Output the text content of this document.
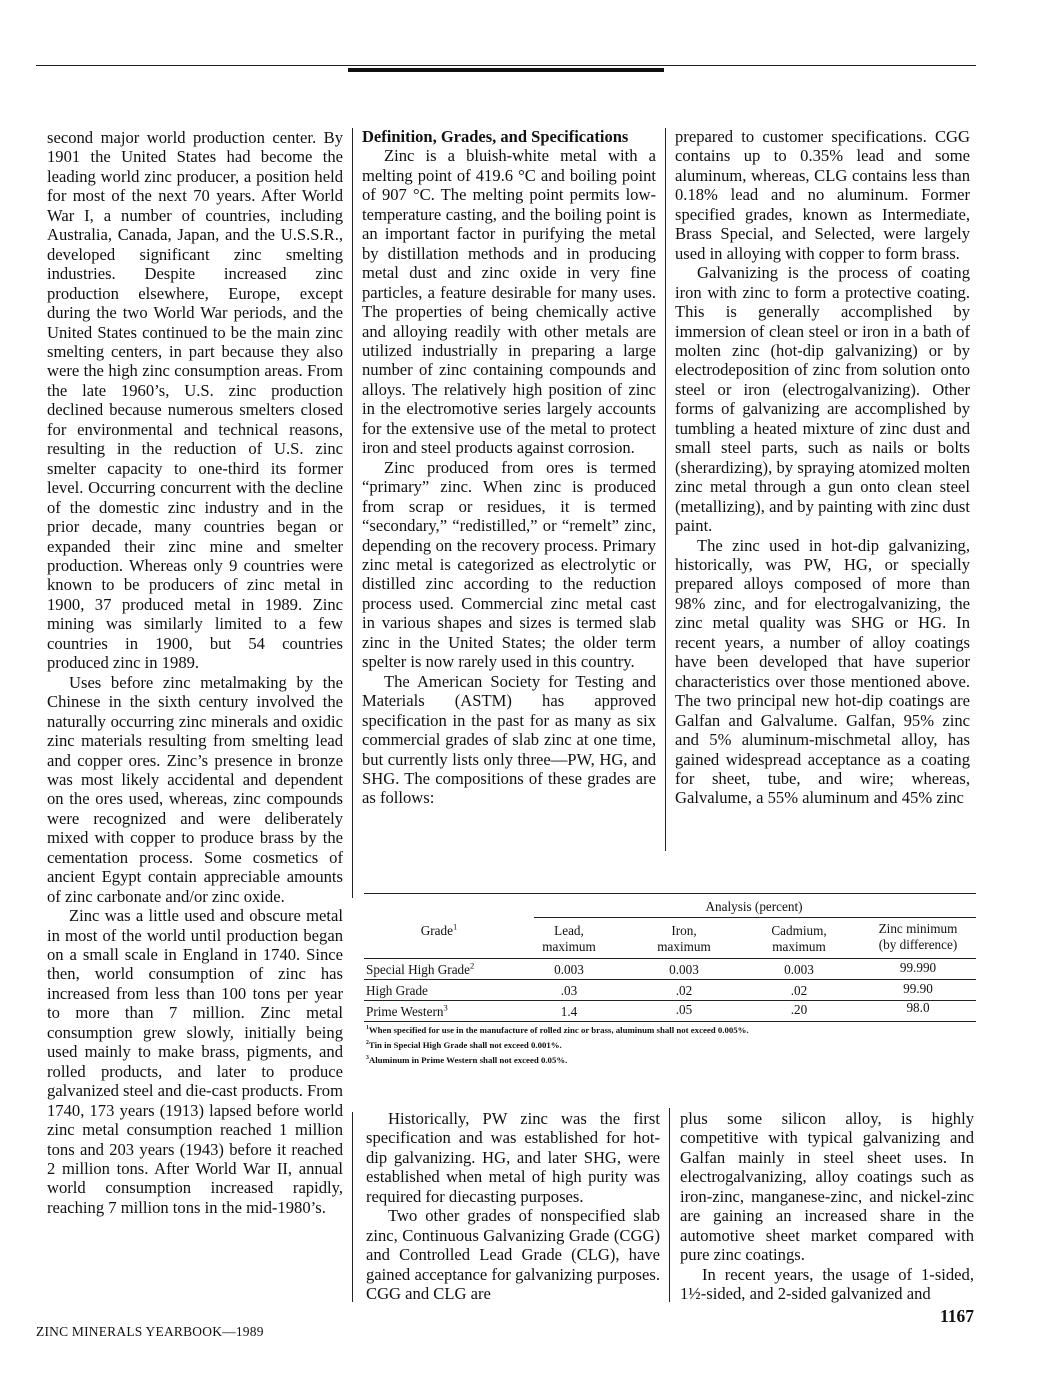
second major world production center. By 1901 the United States had become the leading world zinc producer, a position held for most of the next 70 years. After World War I, a number of countries, including Australia, Canada, Japan, and the U.S.S.R., developed significant zinc smelting industries. Despite increased zinc production elsewhere, Europe, except during the two World War periods, and the United States continued to be the main zinc smelting centers, in part because they also were the high zinc consumption areas. From the late 1960’s, U.S. zinc production declined because numerous smelters closed for environmental and technical reasons, resulting in the reduction of U.S. zinc smelter capacity to one-third its former level. Occurring concurrent with the decline of the domestic zinc industry and in the prior decade, many countries began or expanded their zinc mine and smelter production. Whereas only 9 countries were known to be producers of zinc metal in 1900, 37 produced metal in 1989. Zinc mining was similarly limited to a few countries in 1900, but 54 countries produced zinc in 1989.

Uses before zinc metalmaking by the Chinese in the sixth century involved the naturally occurring zinc minerals and oxidic zinc materials resulting from smelting lead and copper ores. Zinc’s presence in bronze was most likely accidental and dependent on the ores used, whereas, zinc compounds were recognized and were deliberately mixed with copper to produce brass by the cementation process. Some cosmetics of ancient Egypt contain appreciable amounts of zinc carbonate and/or zinc oxide.

Zinc was a little used and obscure metal in most of the world until production began on a small scale in England in 1740. Since then, world consumption of zinc has increased from less than 100 tons per year to more than 7 million. Zinc metal consumption grew slowly, initially being used mainly to make brass, pigments, and rolled products, and later to produce galvanized steel and die-cast products. From 1740, 173 years (1913) lapsed before world zinc metal consumption reached 1 million tons and 203 years (1943) before it reached 2 million tons. After World War II, annual world consumption increased rapidly, reaching 7 million tons in the mid-1980’s.

Definition, Grades, and Specifications

Zinc is a bluish-white metal with a melting point of 419.6 °C and boiling point of 907 °C. The melting point permits low-temperature casting, and the boiling point is an important factor in purifying the metal by distillation methods and in producing metal dust and zinc oxide in very fine particles, a feature desirable for many uses. The properties of being chemically active and alloying readily with other metals are utilized industrially in preparing a large number of zinc containing compounds and alloys. The relatively high position of zinc in the electromotive series largely accounts for the extensive use of the metal to protect iron and steel products against corrosion.

Zinc produced from ores is termed “primary” zinc. When zinc is produced from scrap or residues, it is termed “secondary,” “redistilled,” or “remelt” zinc, depending on the recovery process. Primary zinc metal is categorized as electrolytic or distilled zinc according to the reduction process used. Commercial zinc metal cast in various shapes and sizes is termed slab zinc in the United States; the older term spelter is now rarely used in this country.

The American Society for Testing and Materials (ASTM) has approved specification in the past for as many as six commercial grades of slab zinc at one time, but currently lists only three—PW, HG, and SHG. The compositions of these grades are as follows:

prepared to customer specifications. CGG contains up to 0.35% lead and some aluminum, whereas, CLG contains less than 0.18% lead and no aluminum. Former specified grades, known as Intermediate, Brass Special, and Selected, were largely used in alloying with copper to form brass.

Galvanizing is the process of coating iron with zinc to form a protective coating. This is generally accomplished by immersion of clean steel or iron in a bath of molten zinc (hot-dip galvanizing) or by electrodeposition of zinc from solution onto steel or iron (electrogalvanizing). Other forms of galvanizing are accomplished by tumbling a heated mixture of zinc dust and small steel parts, such as nails or bolts (sherardizing), by spraying atomized molten zinc metal through a gun onto clean steel (metallizing), and by painting with zinc dust paint.

The zinc used in hot-dip galvanizing, historically, was PW, HG, or specially prepared alloys composed of more than 98% zinc, and for electrogalvanizing, the zinc metal quality was SHG or HG. In recent years, a number of alloy coatings have been developed that have superior characteristics over those mentioned above. The two principal new hot-dip coatings are Galfan and Galvalume. Galfan, 95% zinc and 5% aluminum-mischmetal alloy, has gained widespread acceptance as a coating for sheet, tube, and wire; whereas, Galvalume, a 55% aluminum and 45% zinc

Analysis (percent)
Grade$^1$	Lead,
maximum
Iron,
maximum
Cadmium,
maximum
Zinc minimum
(by difference)
Special High Grade$^2$	0.003	0.003	0.003	99.990
High Grade	.03	.02	.02	99.90
Prime Western$^3$	1.4	.05	.20	98.0
$^1$When specified for use in the manufacture of rolled zinc or brass, aluminum shall not exceed 0.005%.
$^2$Tin in Special High Grade shall not exceed 0.001%.
$^3$Aluminum in Prime Western shall not exceed 0.05%.

Historically, PW zinc was the first specification and was established for hot-dip galvanizing. HG, and later SHG, were established when metal of high purity was required for diecasting purposes.

Two other grades of nonspecified slab zinc, Continuous Galvanizing Grade (CGG) and Controlled Lead Grade (CLG), have gained acceptance for galvanizing purposes. CGG and CLG are

plus some silicon alloy, is highly competitive with typical galvanizing and Galfan mainly in steel sheet uses. In electrogalvanizing, alloy coatings such as iron-zinc, manganese-zinc, and nickel-zinc are gaining an increased share in the automotive sheet market compared with pure zinc coatings.

In recent years, the usage of 1-sided, 1½-sided, and 2-sided galvanized and

ZINC MINERALS YEARBOOK—1989
1167
